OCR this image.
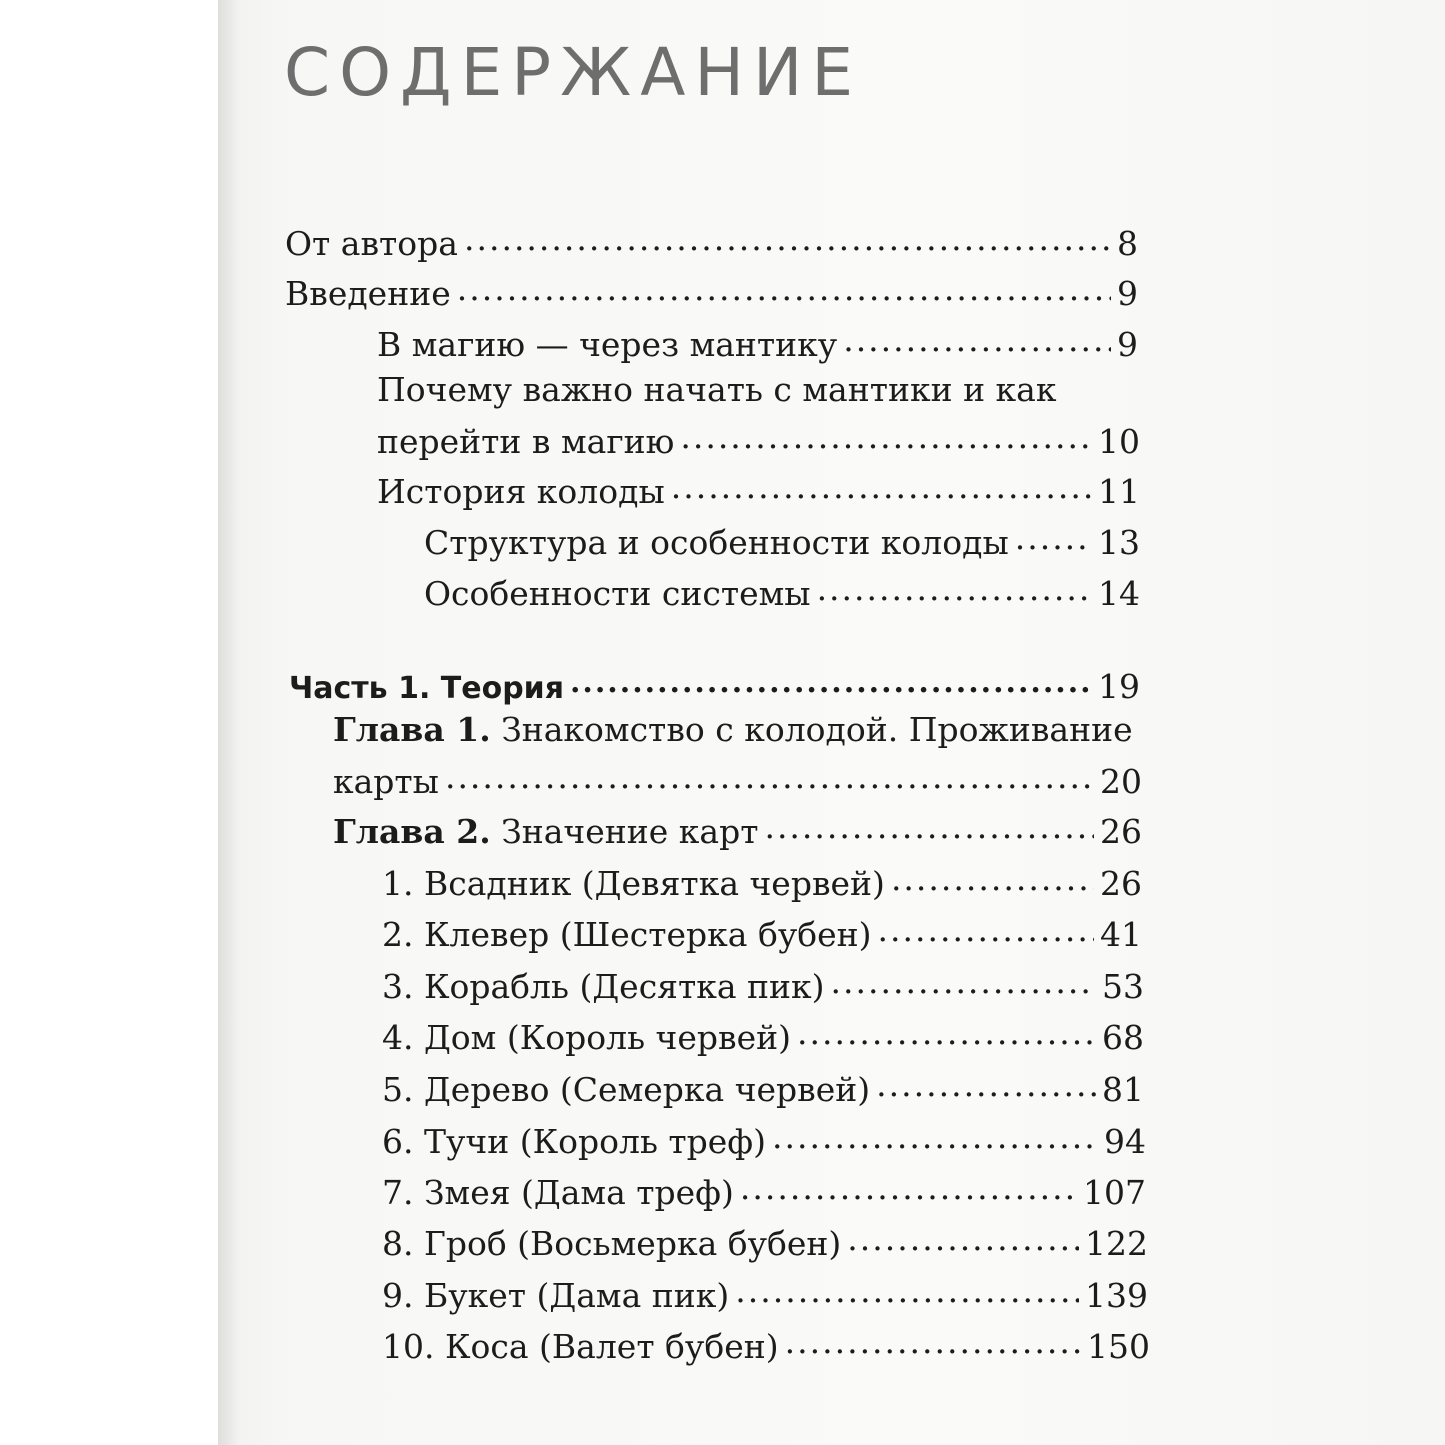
СОДЕРЖАНИЕ
От автора .....	8
Введение .....	9
В магию — через мантику .....	9
Почему важно начать с мантики и как
перейти в магию .....	10
История колоды .....	11
Структура и особенности колоды .....	13
Особенности системы .....	14
Часть 1. Теория .....	19
Глава 1. Знакомство с колодой. Проживание
карты .....	20
Глава 2. Значение карт .....	26
1. Всадник (Девятка червей) .....	26
2. Клевер (Шестерка бубен) .....	41
3. Корабль (Десятка пик) .....	53
4. Дом (Король червей) .....	68
5. Дерево (Семерка червей) .....	81
6. Тучи (Король треф) .....	94
7. Змея (Дама треф) .....	107
8. Гроб (Восьмерка бубен) .....	122
9. Букет (Дама пик) .....	139
10. Коса (Валет бубен) .....	150
